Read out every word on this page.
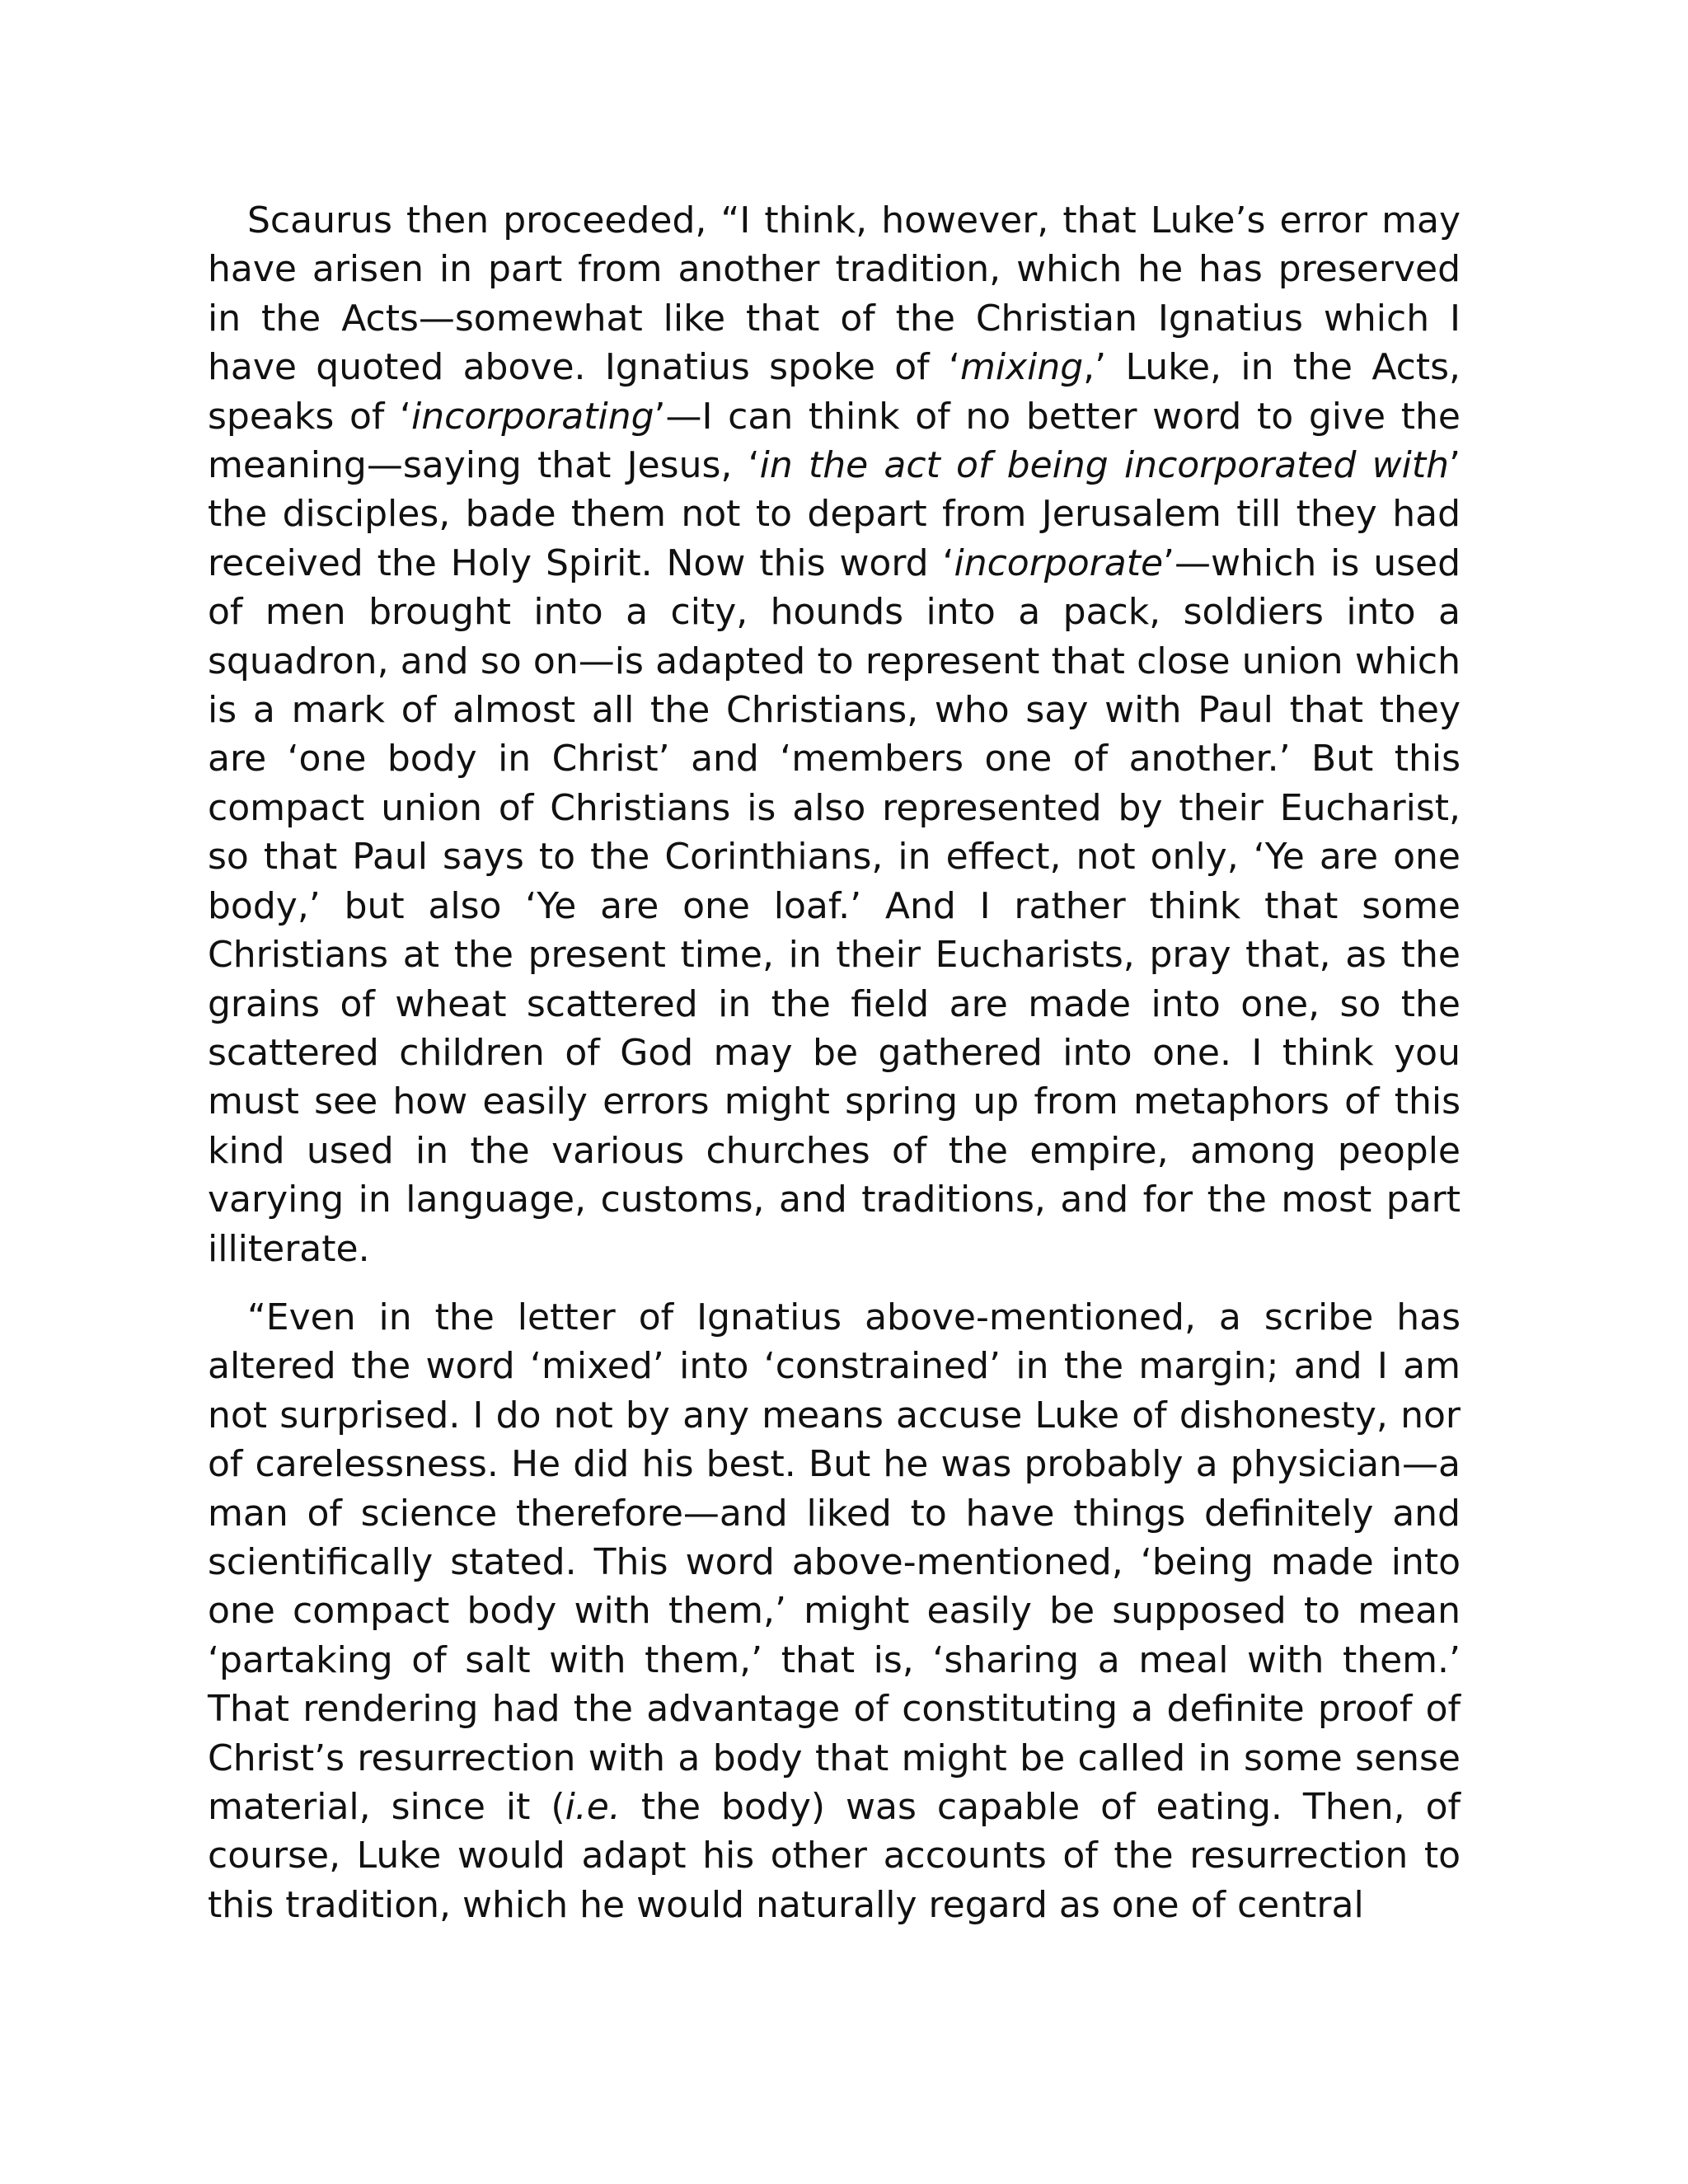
Scaurus then proceeded, “I think, however, that Luke’s error may have arisen in part from another tradition, which he has preserved in the Acts—somewhat like that of the Christian Ignatius which I have quoted above. Ignatius spoke of ‘mixing,’ Luke, in the Acts, speaks of ‘incorporating’—I can think of no better word to give the meaning—saying that Jesus, ‘in the act of being incorporated with’ the disciples, bade them not to depart from Jerusalem till they had received the Holy Spirit. Now this word ‘incorporate’—which is used of men brought into a city, hounds into a pack, soldiers into a squadron, and so on—is adapted to represent that close union which is a mark of almost all the Christians, who say with Paul that they are ‘one body in Christ’ and ‘members one of another.’ But this compact union of Christians is also represented by their Eucharist, so that Paul says to the Corinthians, in effect, not only, ‘Ye are one body,’ but also ‘Ye are one loaf.’ And I rather think that some Christians at the present time, in their Eucharists, pray that, as the grains of wheat scattered in the field are made into one, so the scattered children of God may be gathered into one. I think you must see how easily errors might spring up from metaphors of this kind used in the various churches of the empire, among people varying in language, customs, and traditions, and for the most part illiterate.

“Even in the letter of Ignatius above-mentioned, a scribe has altered the word ‘mixed’ into ‘constrained’ in the margin; and I am not surprised. I do not by any means accuse Luke of dishonesty, nor of carelessness. He did his best. But he was probably a physician—a man of science therefore—and liked to have things definitely and scientifically stated. This word above-mentioned, ‘being made into one compact body with them,’ might easily be supposed to mean ‘partaking of salt with them,’ that is, ‘sharing a meal with them.’ That rendering had the advantage of constituting a definite proof of Christ’s resurrection with a body that might be called in some sense material, since it (i.e. the body) was capable of eating. Then, of course, Luke would adapt his other accounts of the resurrection to this tradition, which he would naturally regard as one of central
